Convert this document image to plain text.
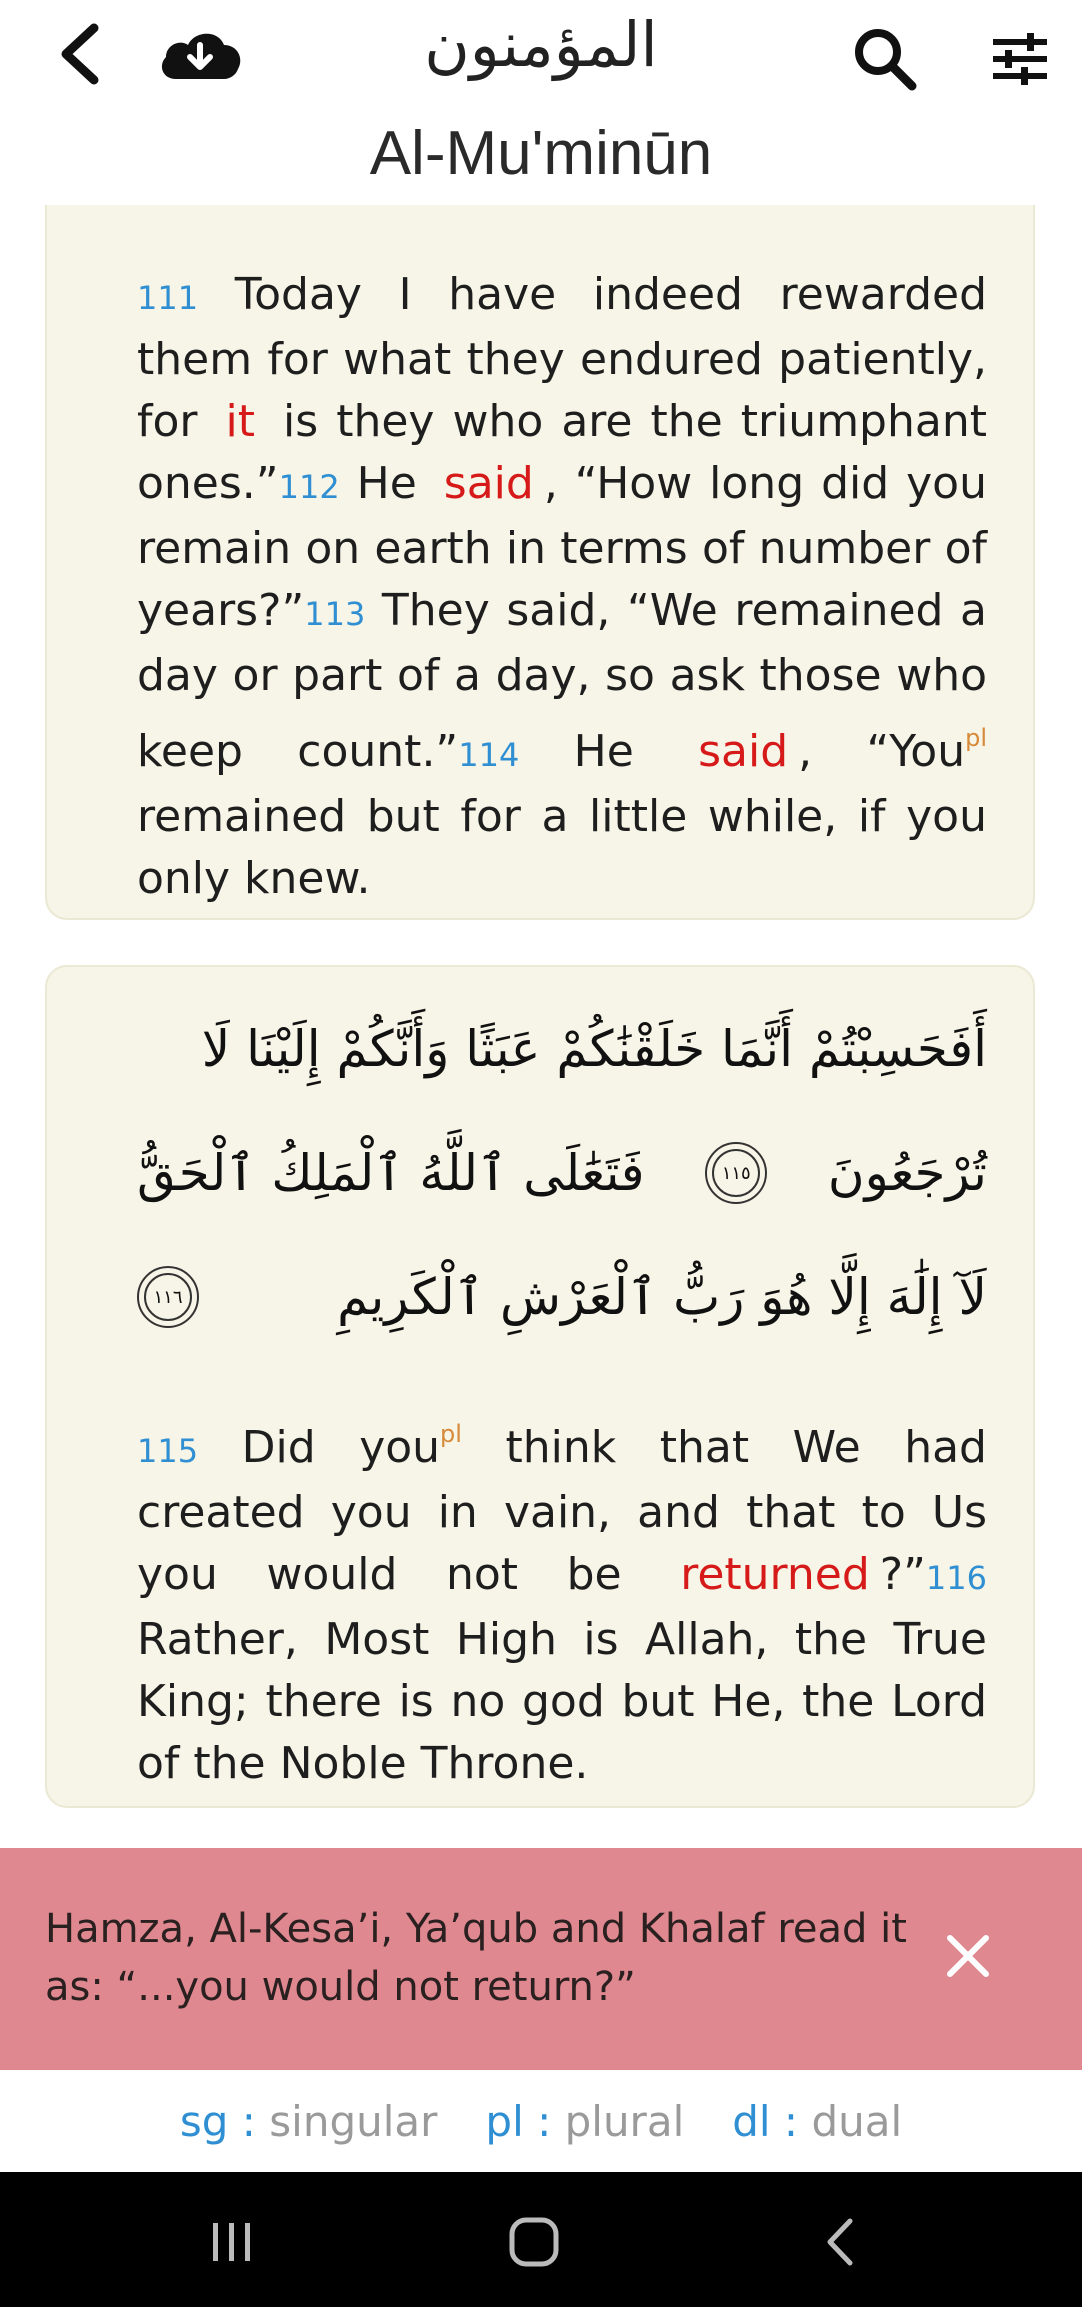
المؤمنون
Al-Mu'minūn
111 Today I have indeed rewarded them for what they endured patiently, for it is they who are the triumphant ones.”112 He said , “How long did you remain on earth in terms of number of years?”113 They said, “We remained a day or part of a day, so ask those who keep count.”114 He said , “You$^{pl}$ remained but for a little while, if you only knew.
أَفَحَسِبْتُمْ أَنَّمَا خَلَقْنَٰكُمْ عَبَثًا وَأَنَّكُمْ إِلَيْنَا لَا
تُرْجَعُونَ
١١٥
فَتَعَٰلَى ٱللَّهُ ٱلْمَلِكُ ٱلْحَقُّ
لَآ إِلَٰهَ إِلَّا هُوَ رَبُّ ٱلْعَرْشِ ٱلْكَرِيمِ
١١٦
115 Did you$^{pl}$ think that We had created you in vain, and that to Us you would not be returned ?”116 Rather, Most High is Allah, the True King; there is no god but He, the Lord of the Noble Throne.
Hamza, Al-Kesa’i, Ya’qub and Khalaf read it as: “...you would not return?”
sg : singular pl : plural dl : dual
